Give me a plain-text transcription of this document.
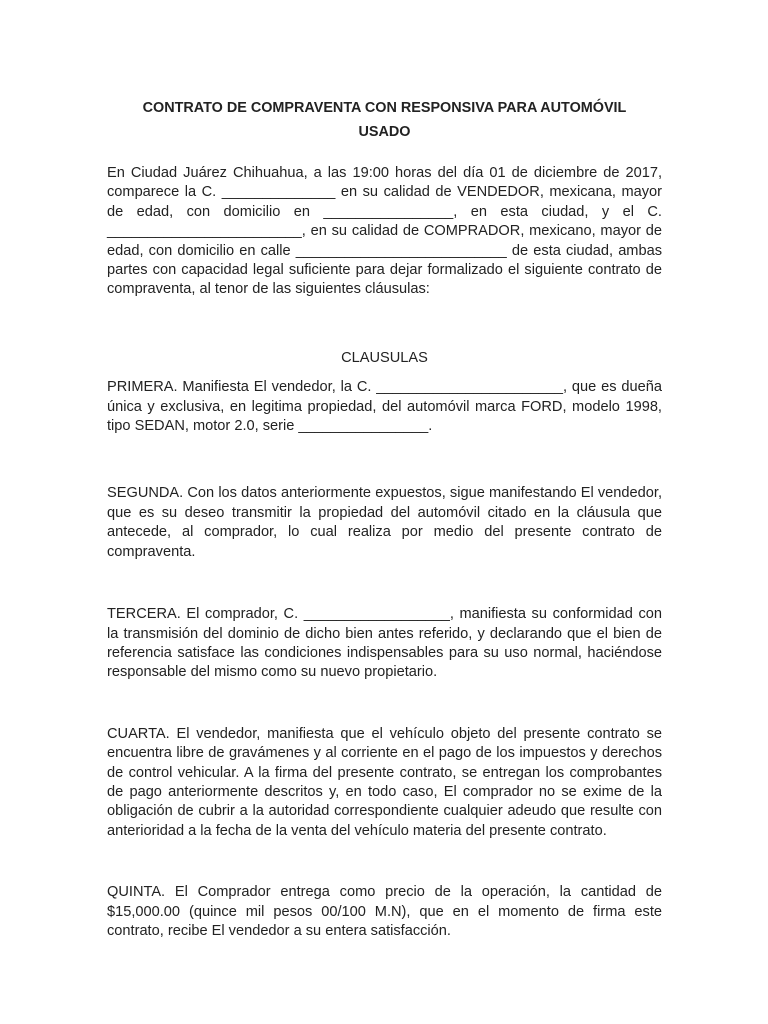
CONTRATO DE COMPRAVENTA CON RESPONSIVA PARA AUTOMÓVIL
USADO

En Ciudad Juárez Chihuahua, a las 19:00 horas del día 01 de diciembre de 2017, comparece la C. ______________ en su calidad de VENDEDOR, mexicana, mayor de edad, con domicilio en ________________, en esta ciudad, y el C. ________________________, en su calidad de COMPRADOR, mexicano, mayor de edad, con domicilio en calle __________________________ de esta ciudad, ambas partes con capacidad legal suficiente para dejar formalizado el siguiente contrato de compraventa, al tenor de las siguientes cláusulas:

CLAUSULAS

PRIMERA. Manifiesta El vendedor, la C. _______________________, que es dueña única y exclusiva, en legitima propiedad, del automóvil marca FORD, modelo 1998, tipo SEDAN, motor 2.0, serie ________________.

SEGUNDA. Con los datos anteriormente expuestos, sigue manifestando El vendedor, que es su deseo transmitir la propiedad del automóvil citado en la cláusula que antecede, al comprador, lo cual realiza por medio del presente contrato de compraventa.

TERCERA. El comprador, C. __________________, manifiesta su conformidad con la transmisión del dominio de dicho bien antes referido, y declarando que el bien de referencia satisface las condiciones indispensables para su uso normal, haciéndose responsable del mismo como su nuevo propietario.

CUARTA. El vendedor, manifiesta que el vehículo objeto del presente contrato se encuentra libre de gravámenes y al corriente en el pago de los impuestos y derechos de control vehicular. A la firma del presente contrato, se entregan los comprobantes de pago anteriormente descritos y, en todo caso, El comprador no se exime de la obligación de cubrir a la autoridad correspondiente cualquier adeudo que resulte con anterioridad a la fecha de la venta del vehículo materia del presente contrato.

QUINTA. El Comprador entrega como precio de la operación, la cantidad de $15,000.00 (quince mil pesos 00/100 M.N), que en el momento de firma este contrato, recibe El vendedor a su entera satisfacción.
